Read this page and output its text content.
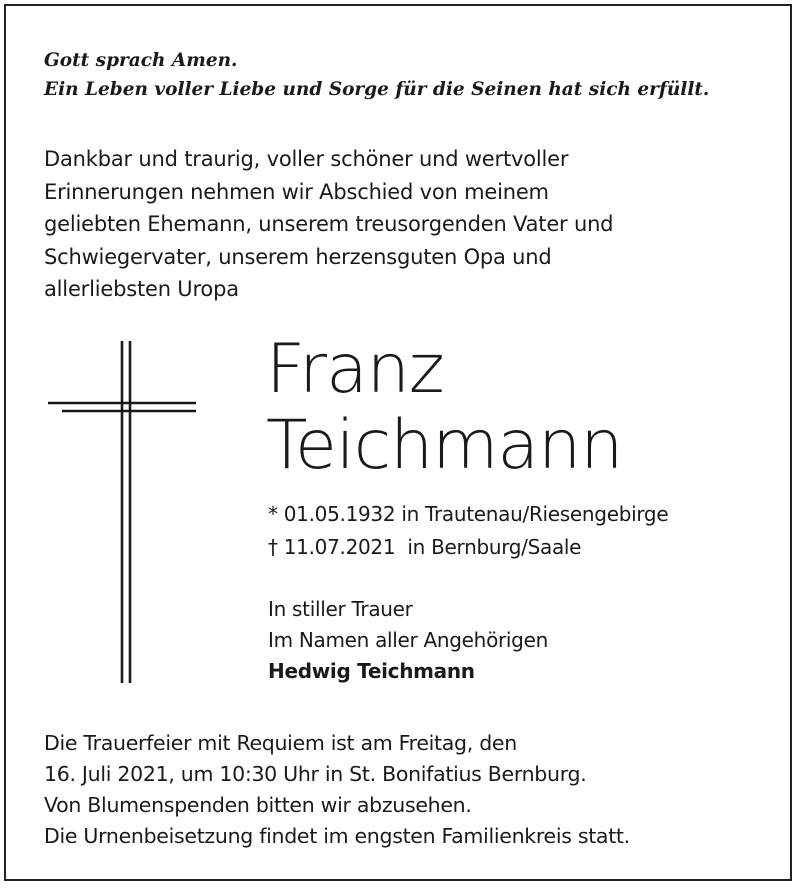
Gott sprach Amen.
Ein Leben voller Liebe und Sorge für die Seinen hat sich erfüllt.
Dankbar und traurig, voller schöner und wertvoller
Erinnerungen nehmen wir Abschied von meinem
geliebten Ehemann, unserem treusorgenden Vater und
Schwiegervater, unserem herzensguten Opa und
allerliebsten Uropa
Franz
Teichmann
* 01.05.1932 in Trautenau/Riesengebirge
† 11.07.2021  in Bernburg/Saale
In stiller Trauer
Im Namen aller Angehörigen
Hedwig Teichmann
Die Trauerfeier mit Requiem ist am Freitag, den
16. Juli 2021, um 10:30 Uhr in St. Bonifatius Bernburg.
Von Blumenspenden bitten wir abzusehen.
Die Urnenbeisetzung findet im engsten Familienkreis statt.
